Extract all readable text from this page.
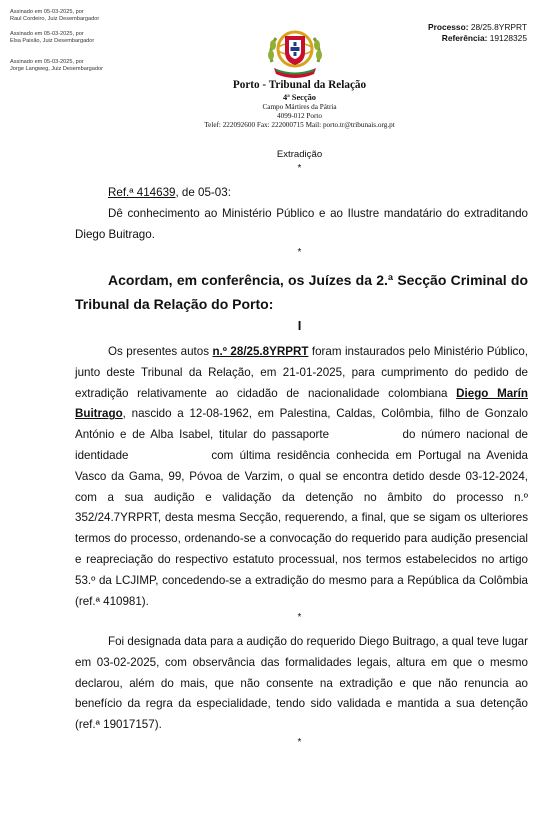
Assinado em 05-03-2025, por
Raul Cordeiro, Juiz Desembargador
Assinado em 05-03-2025, por
Elsa Paixão, Juiz Desembargador
Assinado em 05-03-2025, por
Jorge Langweg, Juiz Desembargador
Processo: 28/25.8YRPRT
Referência: 19128325
Porto - Tribunal da Relação
4ª Secção
Campo Mártires da Pátria
4099-012 Porto
Telef: 222092600 Fax: 222000715 Mail: porto.tr@tribunais.org.pt
Extradição
*

Ref.ª 414639, de 05-03:

Dê conhecimento ao Ministério Público e ao Ilustre mandatário do extraditando Diego Buitrago.

*

Acordam, em conferência, os Juízes da 2.ª Secção Criminal do Tribunal da Relação do Porto:

I

Os presentes autos n.º 28/25.8YRPRT foram instaurados pelo Ministério Público, junto deste Tribunal da Relação, em 21-01-2025, para cumprimento do pedido de extradição relativamente ao cidadão de nacionalidade colombiana Diego Marín Buitrago, nascido a 12-08-1962, em Palestina, Caldas, Colômbia, filho de Gonzalo António e de Alba Isabel, titular do passaporte	do número nacional de identidade	com última residência conhecida em Portugal na Avenida Vasco da Gama, 99, Póvoa de Varzim, o qual se encontra detido desde 03-12-2024, com a sua audição e validação da detenção no âmbito do processo n.º 352/24.7YRPRT, desta mesma Secção, requerendo, a final, que se sigam os ulteriores termos do processo, ordenando-se a convocação do requerido para audição presencial e reapreciação do respectivo estatuto processual, nos termos estabelecidos no artigo 53.º da LCJIMP, concedendo-se a extradição do mesmo para a República da Colômbia (ref.ª 410981).

*

Foi designada data para a audição do requerido Diego Buitrago, a qual teve lugar em 03-02-2025, com observância das formalidades legais, altura em que o mesmo declarou, além do mais, que não consente na extradição e que não renuncia ao benefício da regra da especialidade, tendo sido validada e mantida a sua detenção (ref.ª 19017157).

*
